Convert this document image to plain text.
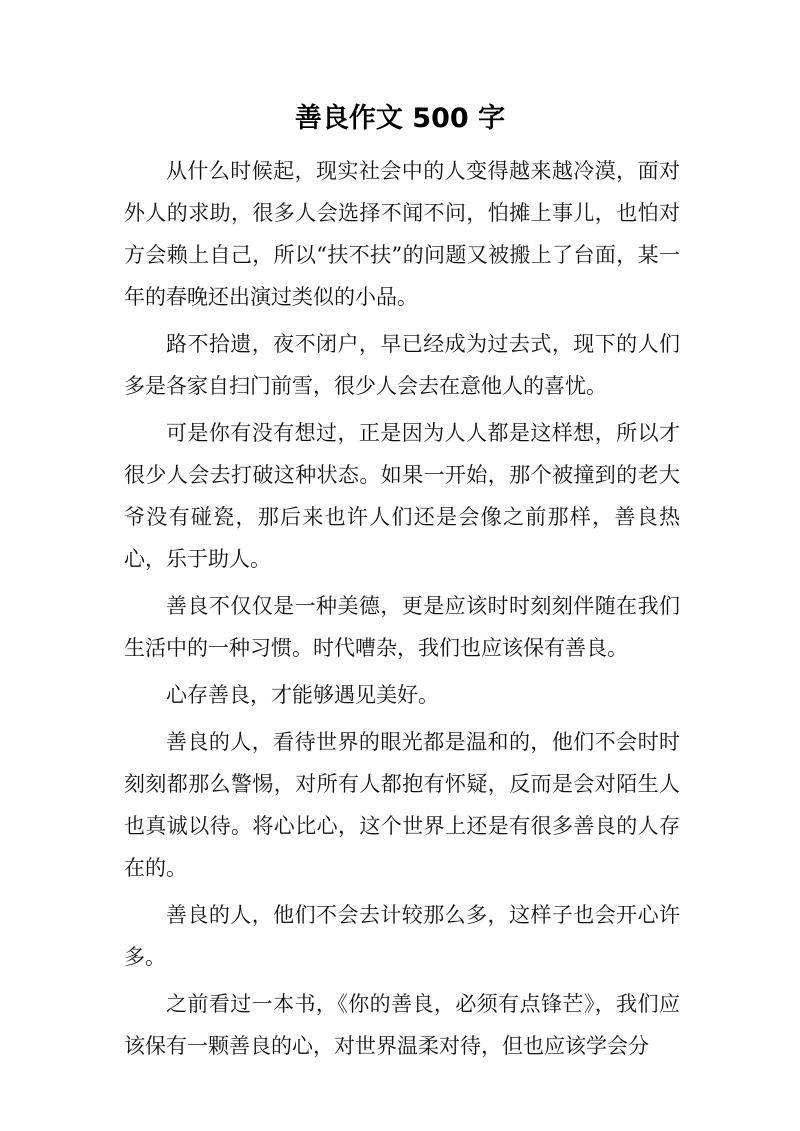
善良作文 500 字

从什么时候起，现实社会中的人变得越来越冷漠，面对外人的求助，很多人会选择不闻不问，怕摊上事儿，也怕对方会赖上自己，所以“扶不扶”的问题又被搬上了台面，某一年的春晚还出演过类似的小品。

路不拾遗，夜不闭户，早已经成为过去式，现下的人们多是各家自扫门前雪，很少人会去在意他人的喜忧。

可是你有没有想过，正是因为人人都是这样想，所以才很少人会去打破这种状态。如果一开始，那个被撞到的老大爷没有碰瓷，那后来也许人们还是会像之前那样，善良热心，乐于助人。

善良不仅仅是一种美德，更是应该时时刻刻伴随在我们生活中的一种习惯。时代嘈杂，我们也应该保有善良。

心存善良，才能够遇见美好。

善良的人，看待世界的眼光都是温和的，他们不会时时刻刻都那么警惕，对所有人都抱有怀疑，反而是会对陌生人也真诚以待。将心比心，这个世界上还是有很多善良的人存在的。

善良的人，他们不会去计较那么多，这样子也会开心许多。

之前看过一本书，《你的善良，必须有点锋芒》，我们应该保有一颗善良的心，对世界温柔对待，但也应该学会分
